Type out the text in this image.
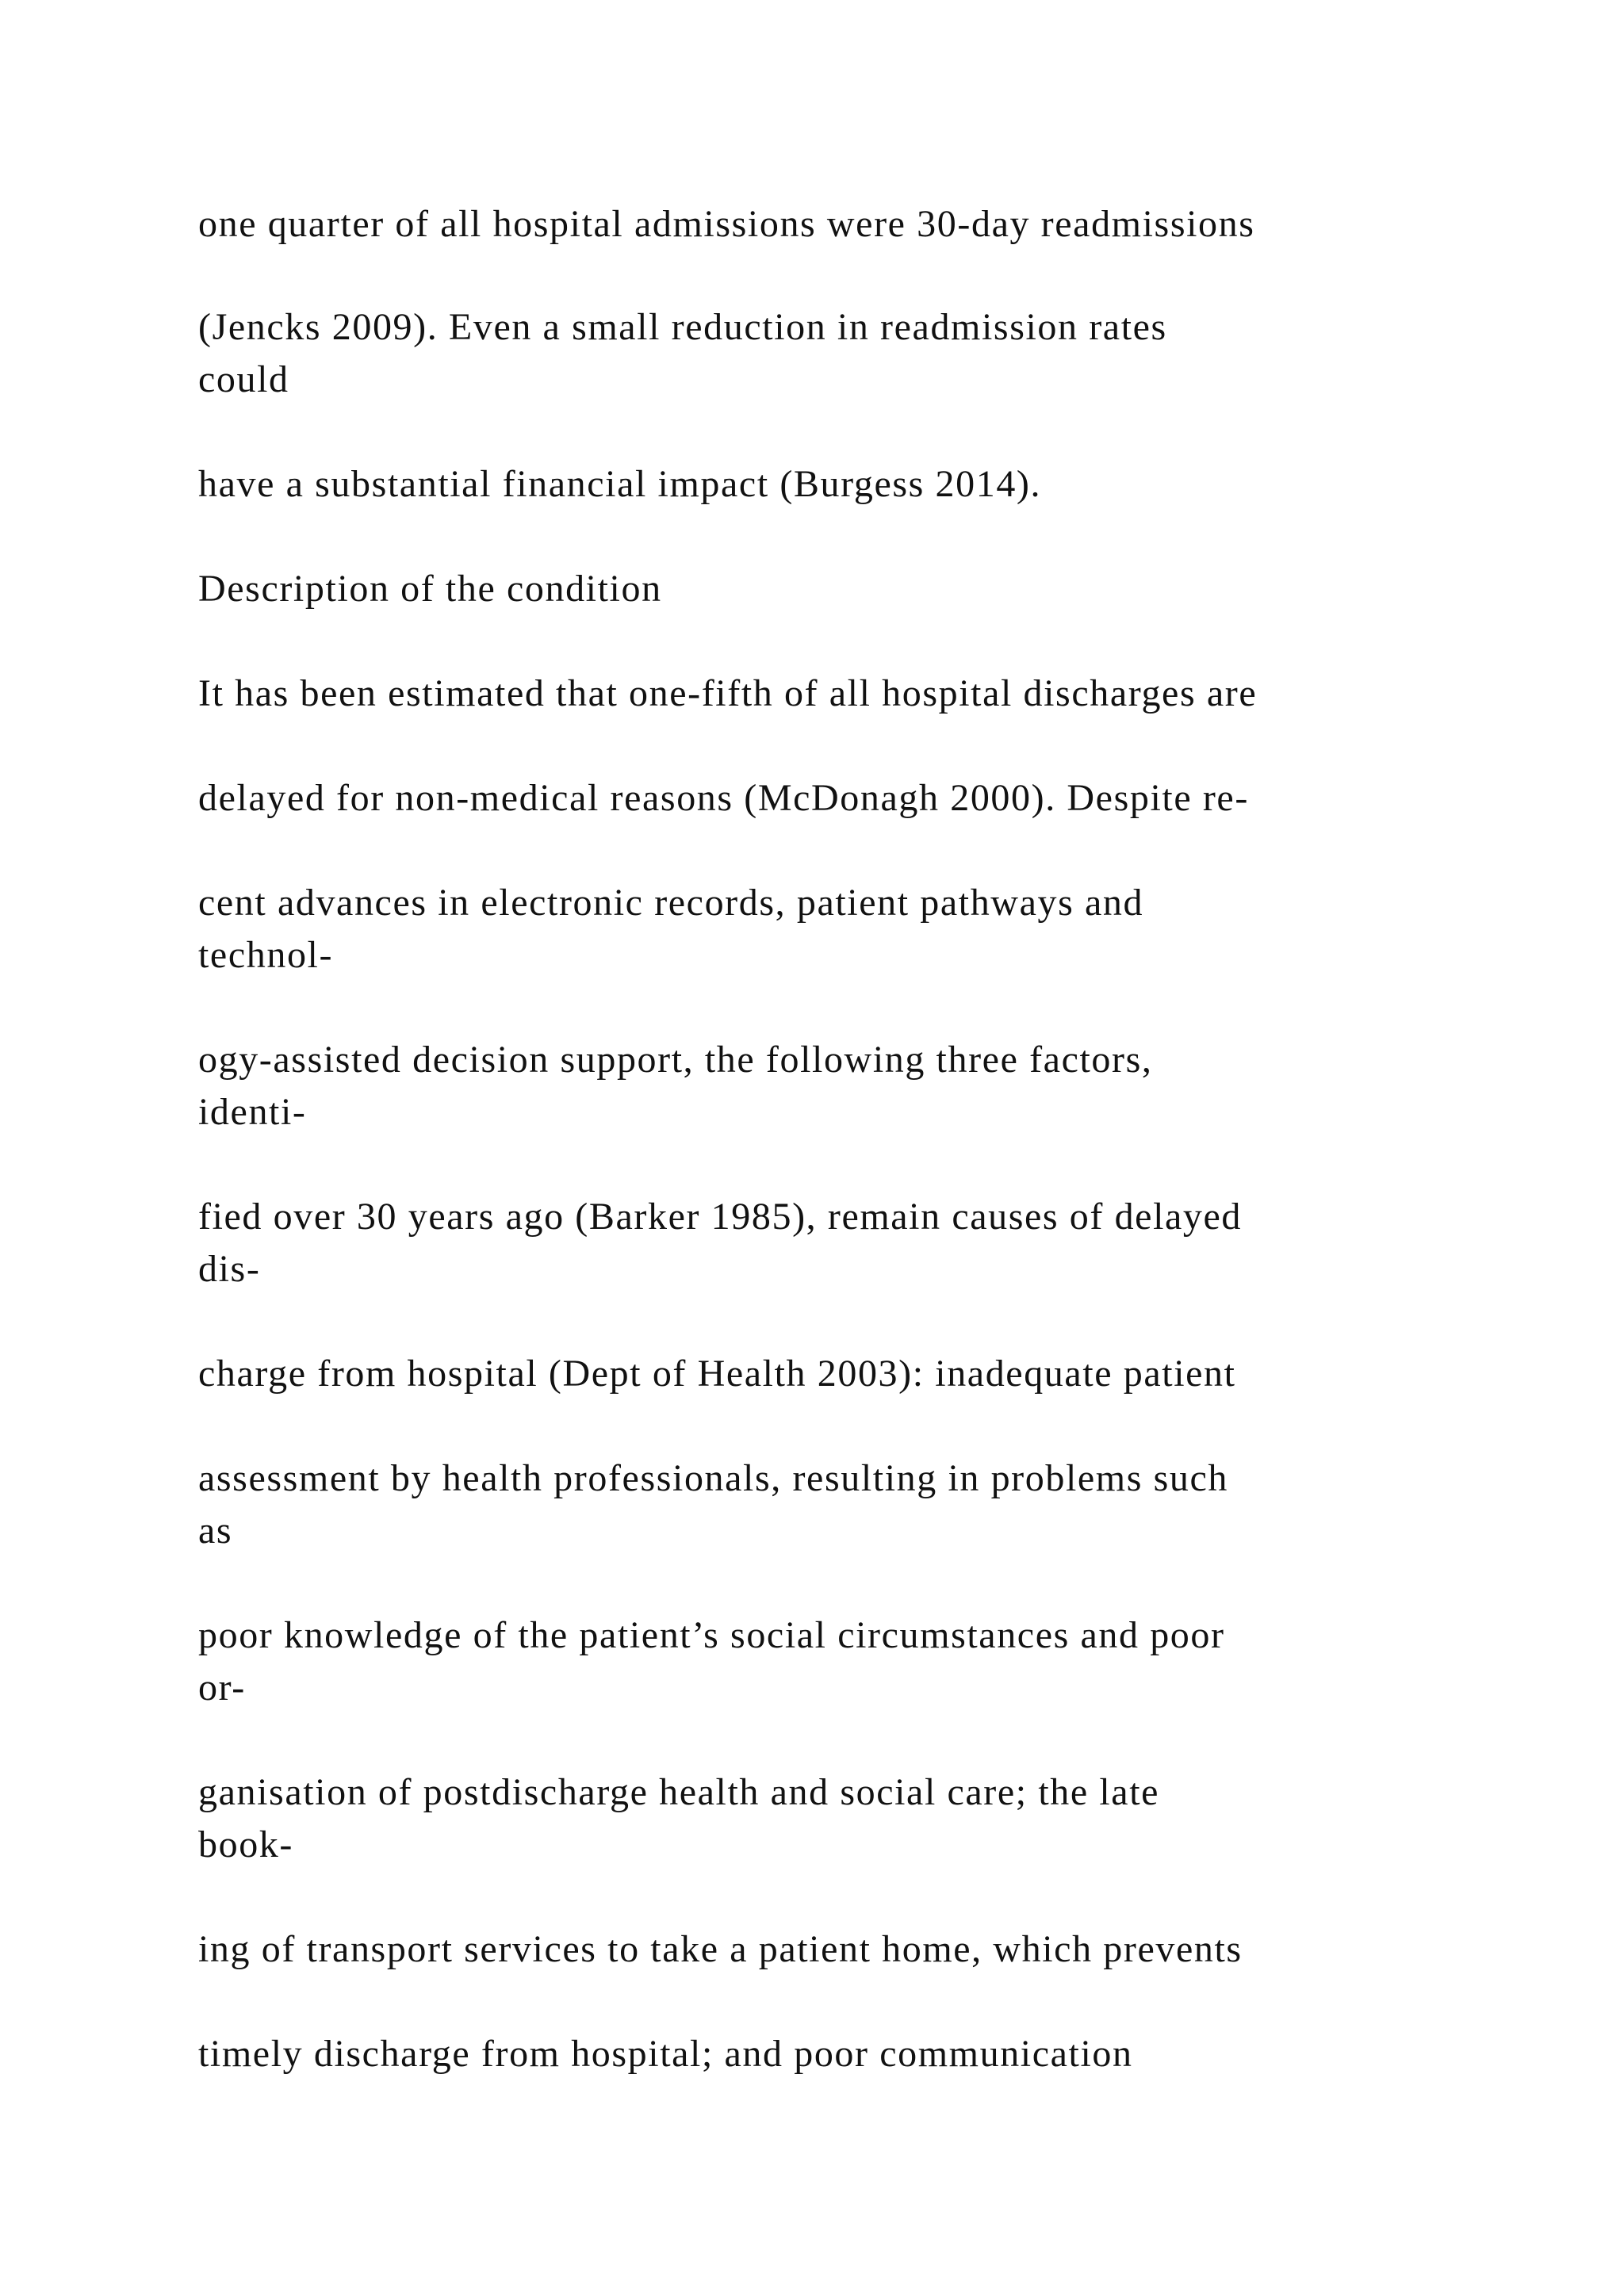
one quarter of all hospital admissions were 30-day readmissions

(Jencks 2009). Even a small reduction in readmission rates

could

have a substantial financial impact (Burgess 2014).

Description of the condition

It has been estimated that one-fifth of all hospital discharges are

delayed for non-medical reasons (McDonagh 2000). Despite re-

cent advances in electronic records, patient pathways and

technol-

ogy-assisted decision support, the following three factors,

identi-

fied over 30 years ago (Barker 1985), remain causes of delayed

dis-

charge from hospital (Dept of Health 2003): inadequate patient

assessment by health professionals, resulting in problems such

as

poor knowledge of the patient’s social circumstances and poor

or-

ganisation of postdischarge health and social care; the late

book-

ing of transport services to take a patient home, which prevents

timely discharge from hospital; and poor communication
